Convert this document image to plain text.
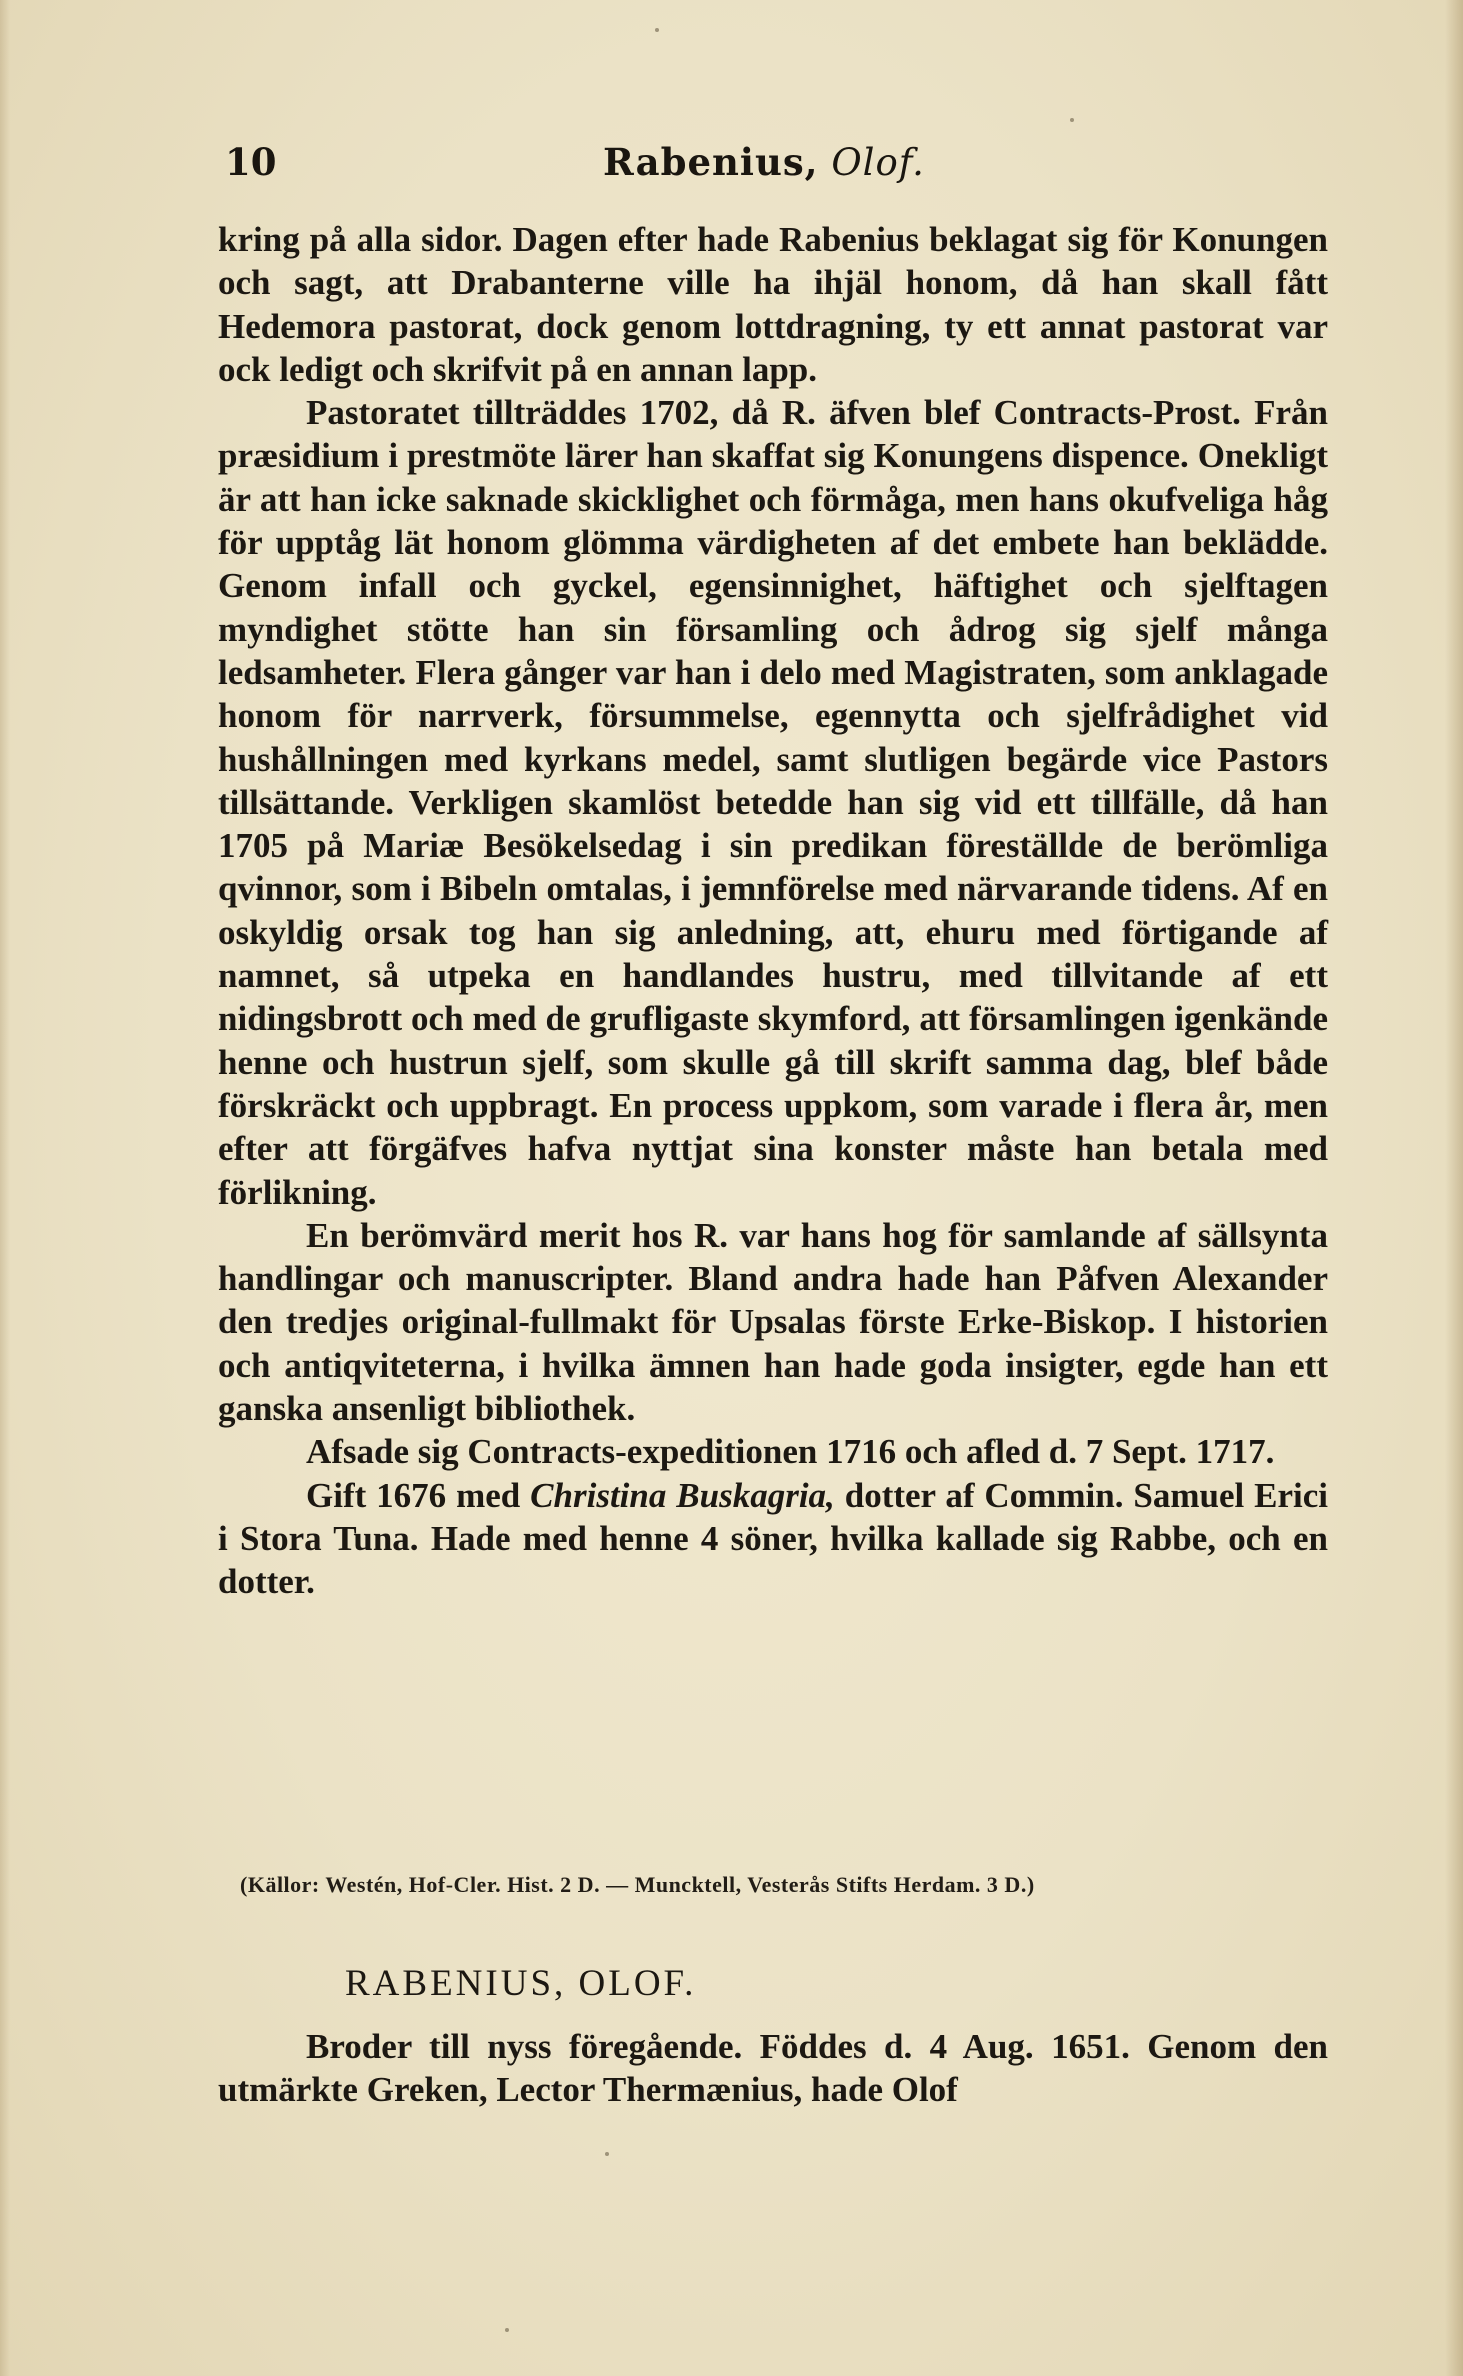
10	Rabenius, Olof.

kring på alla sidor. Dagen efter hade Rabenius beklagat sig för Konungen och sagt, att Drabanterne ville ha ihjäl honom, då han skall fått Hedemora pastorat, dock genom lottdragning, ty ett annat pastorat var ock ledigt och skrifvit på en annan lapp.

Pastoratet tillträddes 1702, då R. äfven blef Contracts-Prost. Från præsidium i prestmöte lärer han skaffat sig Konungens dispence. Onekligt är att han icke saknade skicklighet och förmåga, men hans okufveliga håg för upptåg lät honom glömma värdigheten af det embete han beklädde. Genom infall och gyckel, egensinnighet, häftighet och sjelftagen myndighet stötte han sin församling och ådrog sig sjelf många ledsamheter. Flera gånger var han i delo med Magistraten, som anklagade honom för narrverk, försummelse, egennytta och sjelfrådighet vid hushållningen med kyrkans medel, samt slutligen begärde vice Pastors tillsättande. Verkligen skamlöst betedde han sig vid ett tillfälle, då han 1705 på Mariæ Besökelsedag i sin predikan föreställde de berömliga qvinnor, som i Bibeln omtalas, i jemnförelse med närvarande tidens. Af en oskyldig orsak tog han sig anledning, att, ehuru med förtigande af namnet, så utpeka en handlandes hustru, med tillvitande af ett nidingsbrott och med de grufligaste skymford, att församlingen igenkände henne och hustrun sjelf, som skulle gå till skrift samma dag, blef både förskräckt och uppbragt. En process uppkom, som varade i flera år, men efter att förgäfves hafva nyttjat sina konster måste han betala med förlikning.

En berömvärd merit hos R. var hans hog för samlande af sällsynta handlingar och manuscripter. Bland andra hade han Påfven Alexander den tredjes original-fullmakt för Upsalas förste Erke-Biskop. I historien och antiqviteterna, i hvilka ämnen han hade goda insigter, egde han ett ganska ansenligt bibliothek.

Afsade sig Contracts-expeditionen 1716 och afled d. 7 Sept. 1717.

Gift 1676 med Christina Buskagria, dotter af Commin. Samuel Erici i Stora Tuna. Hade med henne 4 söner, hvilka kallade sig Rabbe, och en dotter.

(Källor: Westén, Hof-Cler. Hist. 2 D. — Muncktell, Vesterås Stifts Herdam. 3 D.)
RABENIUS, OLOF.

Broder till nyss föregående. Föddes d. 4 Aug. 1651. Genom den utmärkte Greken, Lector Thermænius, hade Olof
